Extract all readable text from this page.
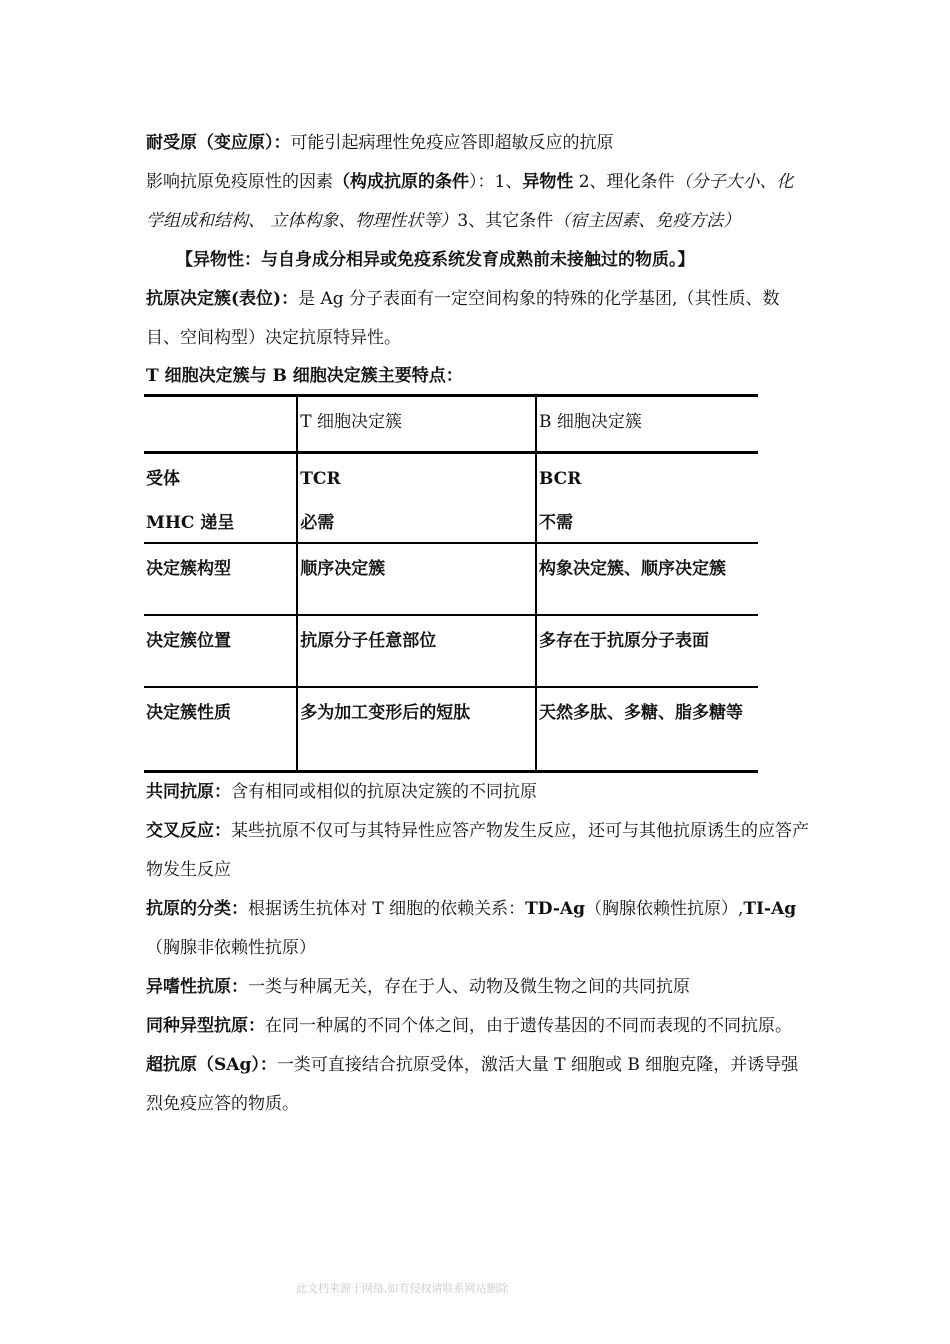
耐受原（变应原）：可能引起病理性免疫应答即超敏反应的抗原

影响抗原免疫原性的因素（构成抗原的条件）：1、异物性 2、理化条件（分子大小、化学组成和结构、 立体构象、物理性状等）3、其它条件（宿主因素、免疫方法）

【异物性：与自身成分相异或免疫系统发育成熟前未接触过的物质。】

抗原决定簇(表位)：是 Ag 分子表面有一定空间构象的特殊的化学基团,（其性质、数目、空间构型）决定抗原特异性。

T 细胞决定簇与 B 细胞决定簇主要特点：

	T 细胞决定簇	B 细胞决定簇
受体	TCR	BCR
MHC 递呈	必需	不需
决定簇构型	顺序决定簇	构象决定簇、顺序决定簇
决定簇位置	抗原分子任意部位	多存在于抗原分子表面
决定簇性质	多为加工变形后的短肽	天然多肽、多糖、脂多糖等

共同抗原：含有相同或相似的抗原决定簇的不同抗原

交叉反应：某些抗原不仅可与其特异性应答产物发生反应，还可与其他抗原诱生的应答产物发生反应

抗原的分类：根据诱生抗体对 T 细胞的依赖关系：TD-Ag（胸腺依赖性抗原）,TI-Ag（胸腺非依赖性抗原）

异嗜性抗原：一类与种属无关，存在于人、动物及微生物之间的共同抗原

同种异型抗原：在同一种属的不同个体之间，由于遗传基因的不同而表现的不同抗原。

超抗原（SAg）：一类可直接结合抗原受体，激活大量 T 细胞或 B 细胞克隆，并诱导强烈免疫应答的物质。

此文档来源于网络,如有侵权请联系网站删除
